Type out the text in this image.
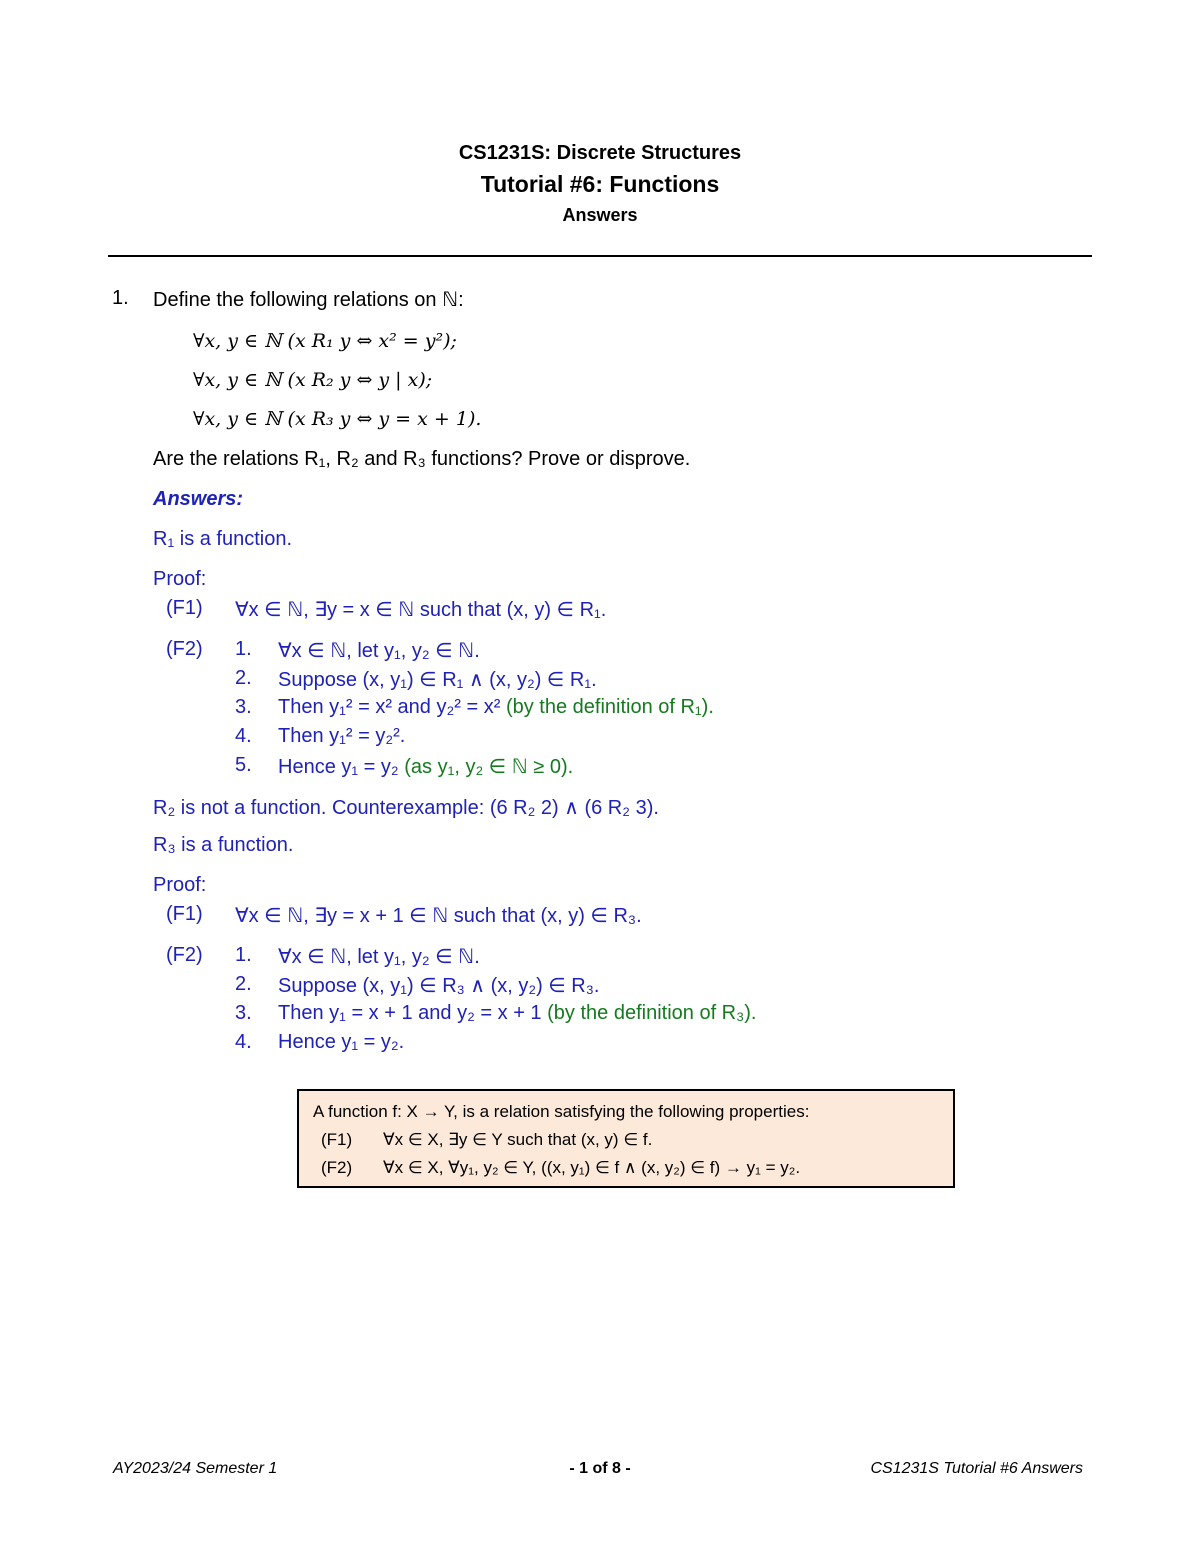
CS1231S: Discrete Structures
Tutorial #6: Functions
Answers
1. Define the following relations on ℕ:
∀x, y ∈ ℕ (x R₁ y ⇔ x² = y²);
∀x, y ∈ ℕ (x R₂ y ⇔ y | x);
∀x, y ∈ ℕ (x R₃ y ⇔ y = x + 1).
Are the relations R₁, R₂ and R₃ functions? Prove or disprove.
Answers:
R₁ is a function.
Proof:
(F1) ∀x ∈ ℕ, ∃y = x ∈ ℕ such that (x, y) ∈ R₁.
(F2) 1. ∀x ∈ ℕ, let y₁, y₂ ∈ ℕ.
2. Suppose (x, y₁) ∈ R₁ ∧ (x, y₂) ∈ R₁.
3. Then y₁² = x² and y₂² = x² (by the definition of R₁).
4. Then y₁² = y₂².
5. Hence y₁ = y₂ (as y₁, y₂ ∈ ℕ ≥ 0).
R₂ is not a function. Counterexample: (6 R₂ 2) ∧ (6 R₂ 3).
R₃ is a function.
Proof:
(F1) ∀x ∈ ℕ, ∃y = x + 1 ∈ ℕ such that (x, y) ∈ R₃.
(F2) 1. ∀x ∈ ℕ, let y₁, y₂ ∈ ℕ.
2. Suppose (x, y₁) ∈ R₃ ∧ (x, y₂) ∈ R₃.
3. Then y₁ = x + 1 and y₂ = x + 1 (by the definition of R₃).
4. Hence y₁ = y₂.
A function f: X → Y, is a relation satisfying the following properties:
(F1) ∀x ∈ X, ∃y ∈ Y such that (x, y) ∈ f.
(F2) ∀x ∈ X, ∀y₁, y₂ ∈ Y, ((x, y₁) ∈ f ∧ (x, y₂) ∈ f) → y₁ = y₂.
AY2023/24 Semester 1	- 1 of 8 -	CS1231S Tutorial #6 Answers
